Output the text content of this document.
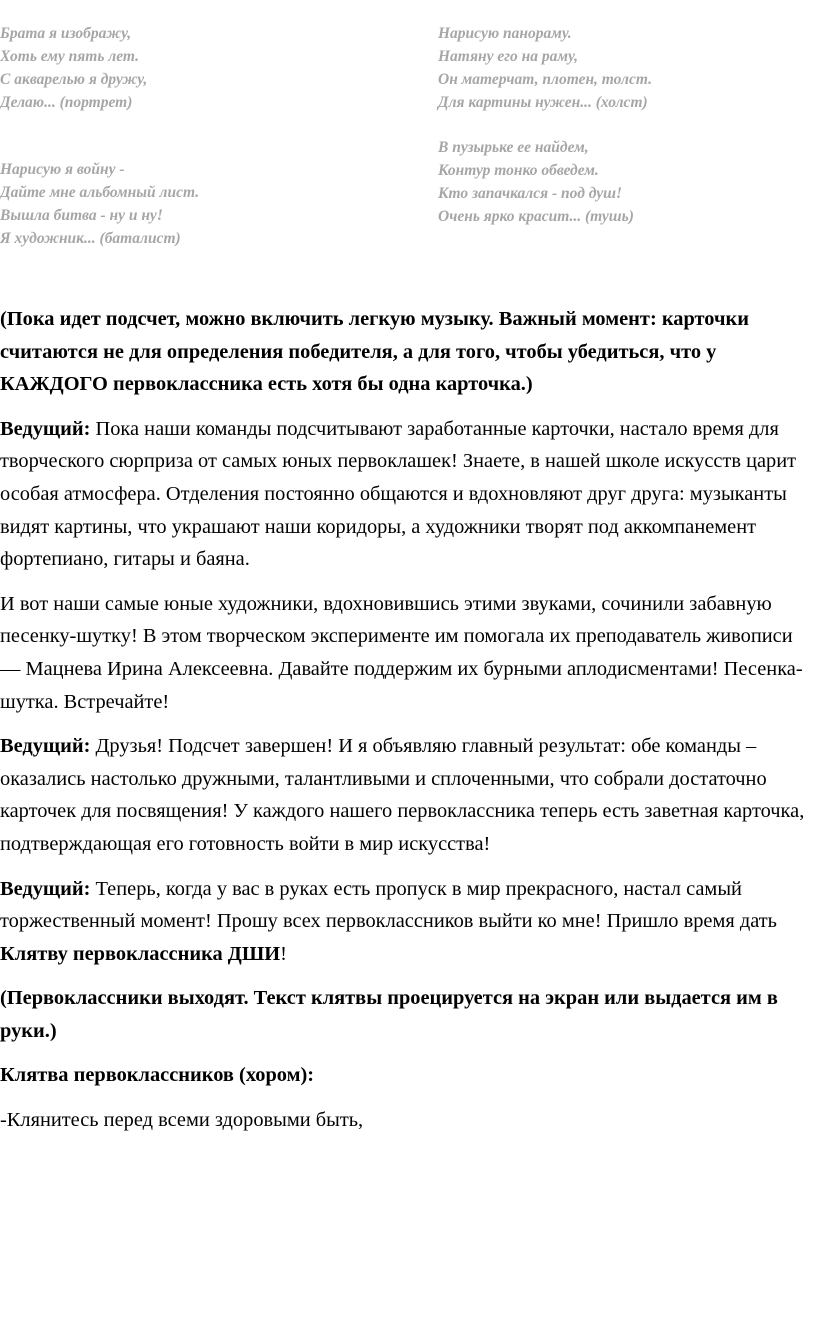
Брата я изображу,
Хоть ему пять лет.
С акварелью я дружу,
Делаю... (портрет)
Нарисую я войну -
Дайте мне альбомный лист.
Вышла битва - ну и ну!
Я художник... (баталист)
Нарисую панораму.
Натяну его на раму,
Он матерчат, плотен, толст.
Для картины нужен... (холст)
В пузырьке ее найдем,
Контур тонко обведем.
Кто запачкался - под душ!
Очень ярко красит... (тушь)

(Пока идет подсчет, можно включить легкую музыку. Важный момент: карточки считаются не для определения победителя, а для того, чтобы убедиться, что у КАЖДОГО первоклассника есть хотя бы одна карточка.)

Ведущий: Пока наши команды подсчитывают заработанные карточки, настало время для творческого сюрприза от самых юных первоклашек! Знаете, в нашей школе искусств царит особая атмосфера. Отделения постоянно общаются и вдохновляют друг друга: музыканты видят картины, что украшают наши коридоры, а художники творят под аккомпанемент фортепиано, гитары и баяна.

И вот наши самые юные художники, вдохновившись этими звуками, сочинили забавную песенку-шутку! В этом творческом эксперименте им помогала их преподаватель живописи — Мацнева Ирина Алексеевна. Давайте поддержим их бурными аплодисментами! Песенка-шутка. Встречайте!

Ведущий: Друзья! Подсчет завершен! И я объявляю главный результат: обе команды – оказались настолько дружными, талантливыми и сплоченными, что собрали достаточно карточек для посвящения! У каждого нашего первоклассника теперь есть заветная карточка, подтверждающая его готовность войти в мир искусства!

Ведущий: Теперь, когда у вас в руках есть пропуск в мир прекрасного, настал самый торжественный момент! Прошу всех первоклассников выйти ко мне! Пришло время дать Клятву первоклассника ДШИ!

(Первоклассники выходят. Текст клятвы проецируется на экран или выдается им в руки.)

Клятва первоклассников (хором):

-Клянитесь перед всеми здоровыми быть,
